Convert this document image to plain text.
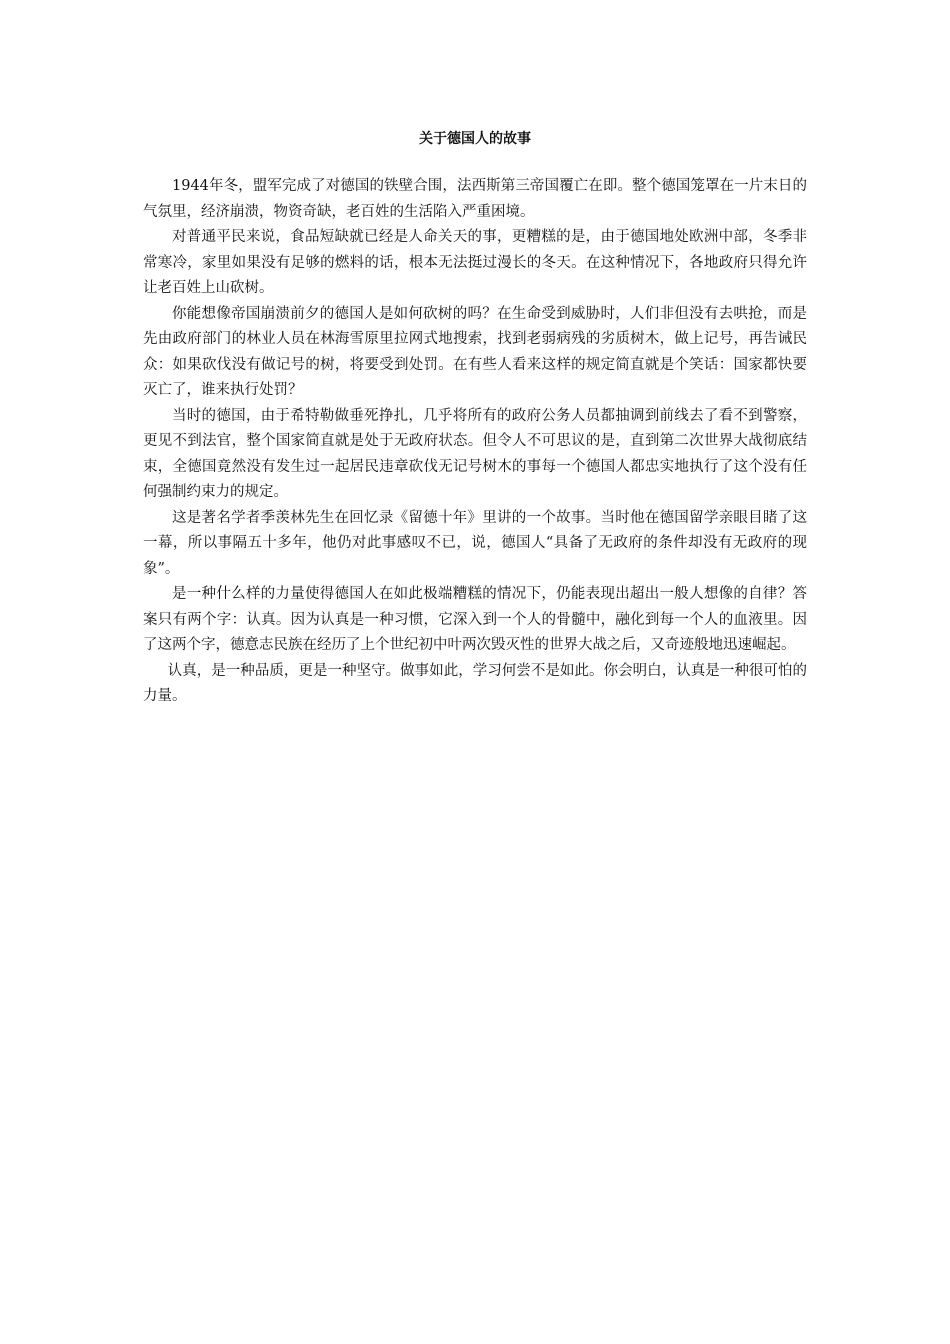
关于德国人的故事

1944年冬，盟军完成了对德国的铁壁合围，法西斯第三帝国覆亡在即。整个德国笼罩在一片末日的气氛里，经济崩溃，物资奇缺，老百姓的生活陷入严重困境。

对普通平民来说，食品短缺就已经是人命关天的事，更糟糕的是，由于德国地处欧洲中部，冬季非常寒冷，家里如果没有足够的燃料的话，根本无法挺过漫长的冬天。在这种情况下，各地政府只得允许让老百姓上山砍树。

你能想像帝国崩溃前夕的德国人是如何砍树的吗？在生命受到威胁时，人们非但没有去哄抢，而是先由政府部门的林业人员在林海雪原里拉网式地搜索，找到老弱病残的劣质树木，做上记号，再告诫民众：如果砍伐没有做记号的树，将要受到处罚。在有些人看来这样的规定简直就是个笑话：国家都快要灭亡了，谁来执行处罚？

当时的德国，由于希特勒做垂死挣扎，几乎将所有的政府公务人员都抽调到前线去了看不到警察，更见不到法官，整个国家简直就是处于无政府状态。但令人不可思议的是，直到第二次世界大战彻底结束，全德国竟然没有发生过一起居民违章砍伐无记号树木的事每一个德国人都忠实地执行了这个没有任何强制约束力的规定。

这是著名学者季羡林先生在回忆录《留德十年》里讲的一个故事。当时他在德国留学亲眼目睹了这一幕，所以事隔五十多年，他仍对此事感叹不已，说，德国人“具备了无政府的条件却没有无政府的现象”。

是一种什么样的力量使得德国人在如此极端糟糕的情况下，仍能表现出超出一般人想像的自律？答案只有两个字：认真。因为认真是一种习惯，它深入到一个人的骨髓中，融化到每一个人的血液里。因了这两个字，德意志民族在经历了上个世纪初中叶两次毁灭性的世界大战之后，又奇迹般地迅速崛起。

认真，是一种品质，更是一种坚守。做事如此，学习何尝不是如此。你会明白，认真是一种很可怕的力量。
